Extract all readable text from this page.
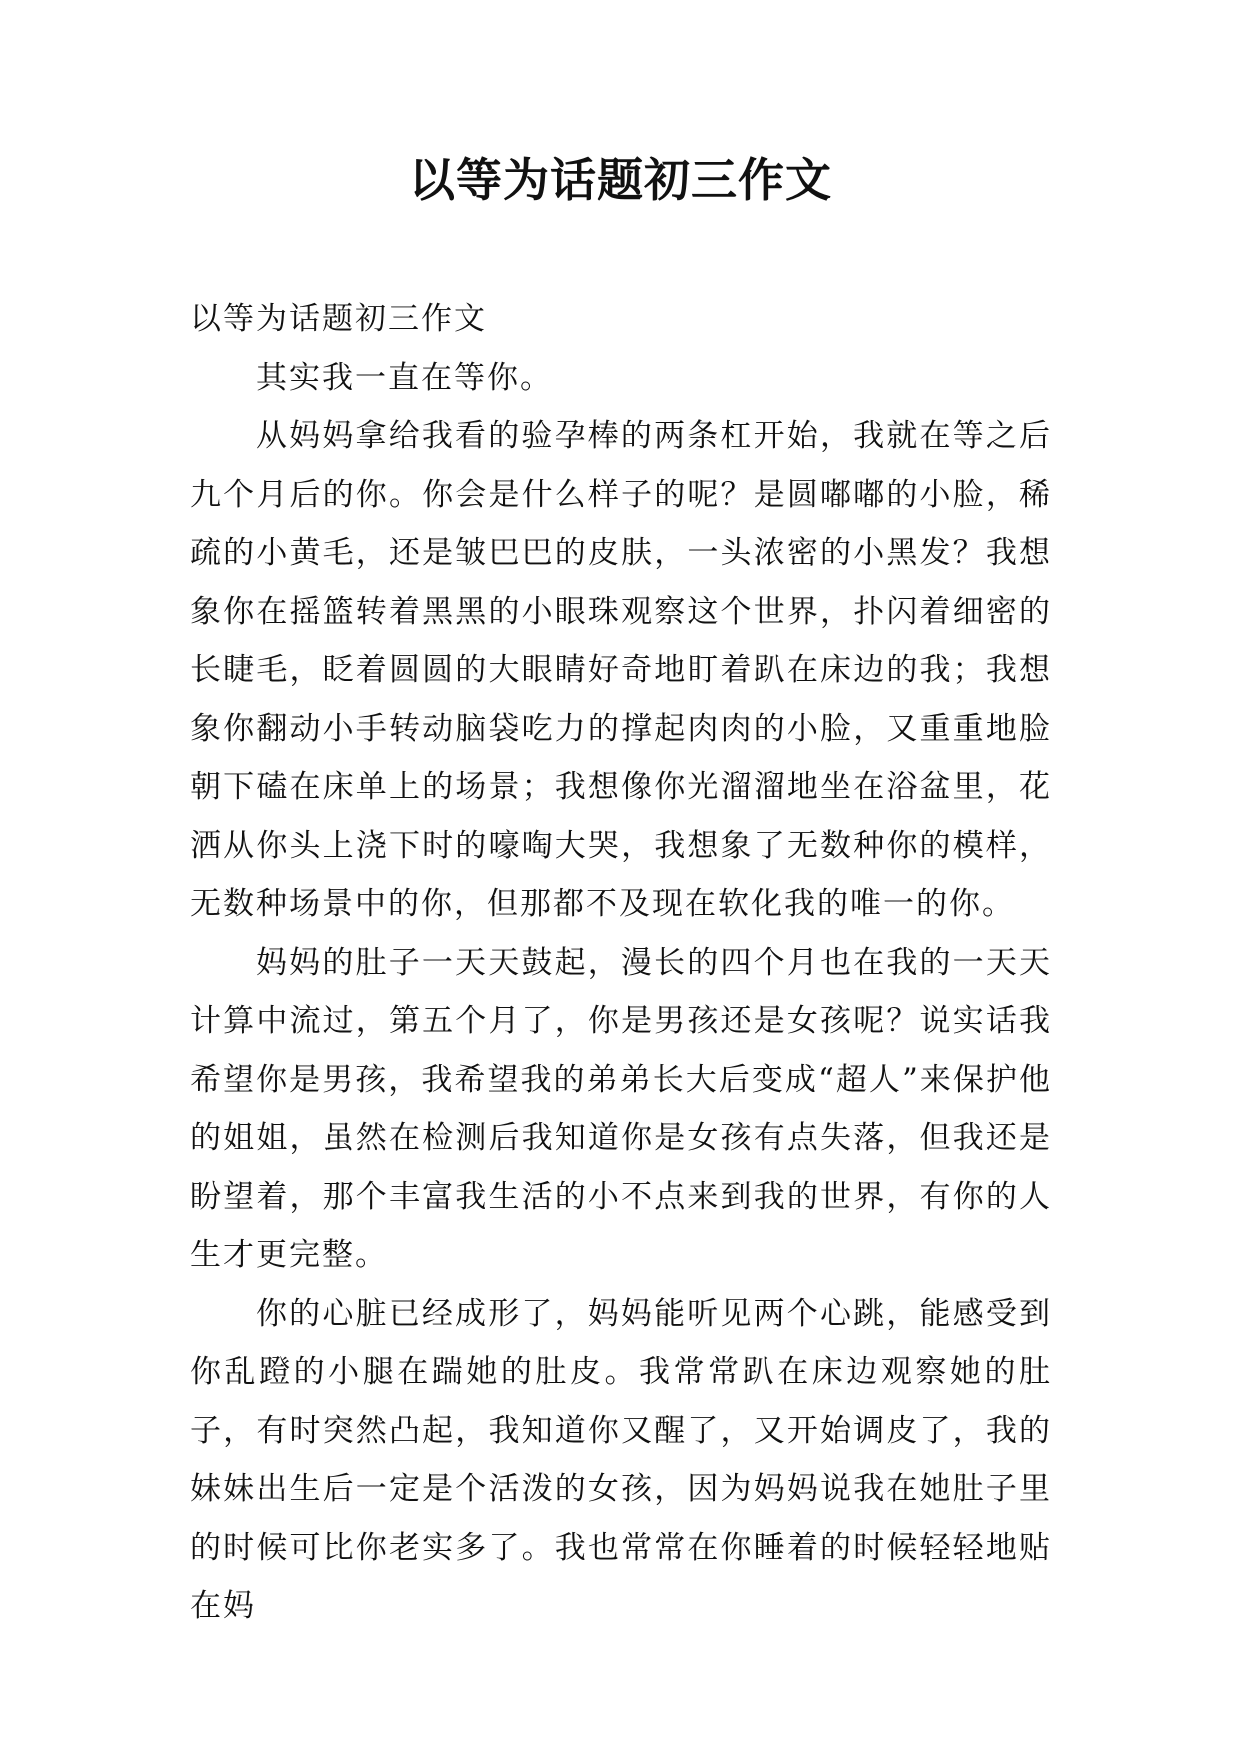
以等为话题初三作文

以等为话题初三作文

其实我一直在等你。

从妈妈拿给我看的验孕棒的两条杠开始，我就在等之后九个月后的你。你会是什么样子的呢？是圆嘟嘟的小脸，稀疏的小黄毛，还是皱巴巴的皮肤，一头浓密的小黑发？我想象你在摇篮转着黑黑的小眼珠观察这个世界，扑闪着细密的长睫毛，眨着圆圆的大眼睛好奇地盯着趴在床边的我；我想象你翻动小手转动脑袋吃力的撑起肉肉的小脸，又重重地脸朝下磕在床单上的场景；我想像你光溜溜地坐在浴盆里，花洒从你头上浇下时的嚎啕大哭，我想象了无数种你的模样，无数种场景中的你，但那都不及现在软化我的唯一的你。

妈妈的肚子一天天鼓起，漫长的四个月也在我的一天天计算中流过，第五个月了，你是男孩还是女孩呢？说实话我希望你是男孩，我希望我的弟弟长大后变成“超人”来保护他的姐姐，虽然在检测后我知道你是女孩有点失落，但我还是盼望着，那个丰富我生活的小不点来到我的世界，有你的人生才更完整。

你的心脏已经成形了，妈妈能听见两个心跳，能感受到你乱蹬的小腿在踹她的肚皮。我常常趴在床边观察她的肚子，有时突然凸起，我知道你又醒了，又开始调皮了，我的妹妹出生后一定是个活泼的女孩，因为妈妈说我在她肚子里的时候可比你老实多了。我也常常在你睡着的时候轻轻地贴在妈
